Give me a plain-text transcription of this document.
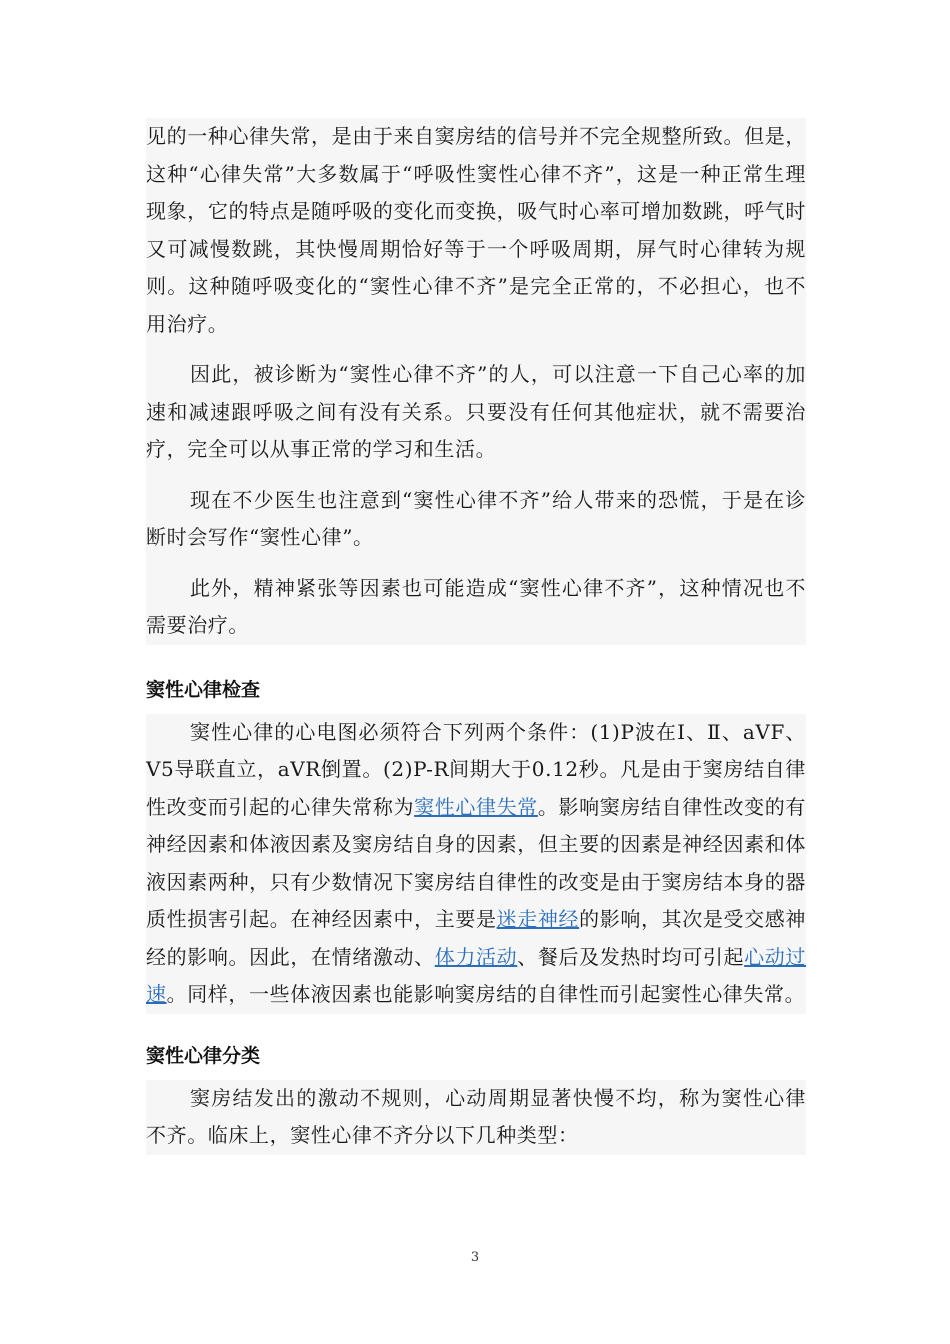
见的一种心律失常，是由于来自窦房结的信号并不完全规整所致。但是，这种“心律失常”大多数属于“呼吸性窦性心律不齐”，这是一种正常生理现象，它的特点是随呼吸的变化而变换，吸气时心率可增加数跳，呼气时又可减慢数跳，其快慢周期恰好等于一个呼吸周期，屏气时心律转为规则。这种随呼吸变化的“窦性心律不齐”是完全正常的，不必担心，也不用治疗。

因此，被诊断为“窦性心律不齐”的人，可以注意一下自己心率的加速和减速跟呼吸之间有没有关系。只要没有任何其他症状，就不需要治疗，完全可以从事正常的学习和生活。

现在不少医生也注意到“窦性心律不齐”给人带来的恐慌，于是在诊断时会写作“窦性心律”。

此外，精神紧张等因素也可能造成“窦性心律不齐”，这种情况也不需要治疗。

窦性心律检查

窦性心律的心电图必须符合下列两个条件：(1)P波在Ⅰ、Ⅱ、aVF、V5导联直立，aVR倒置。(2)P-R间期大于0.12秒。凡是由于窦房结自律性改变而引起的心律失常称为窦性心律失常。影响窦房结自律性改变的有神经因素和体液因素及窦房结自身的因素，但主要的因素是神经因素和体液因素两种，只有少数情况下窦房结自律性的改变是由于窦房结本身的器质性损害引起。在神经因素中，主要是迷走神经的影响，其次是受交感神经的影响。因此，在情绪激动、体力活动、餐后及发热时均可引起心动过速。同样，一些体液因素也能影响窦房结的自律性而引起窦性心律失常。

窦性心律分类

窦房结发出的激动不规则，心动周期显著快慢不均，称为窦性心律不齐。临床上，窦性心律不齐分以下几种类型：

3
